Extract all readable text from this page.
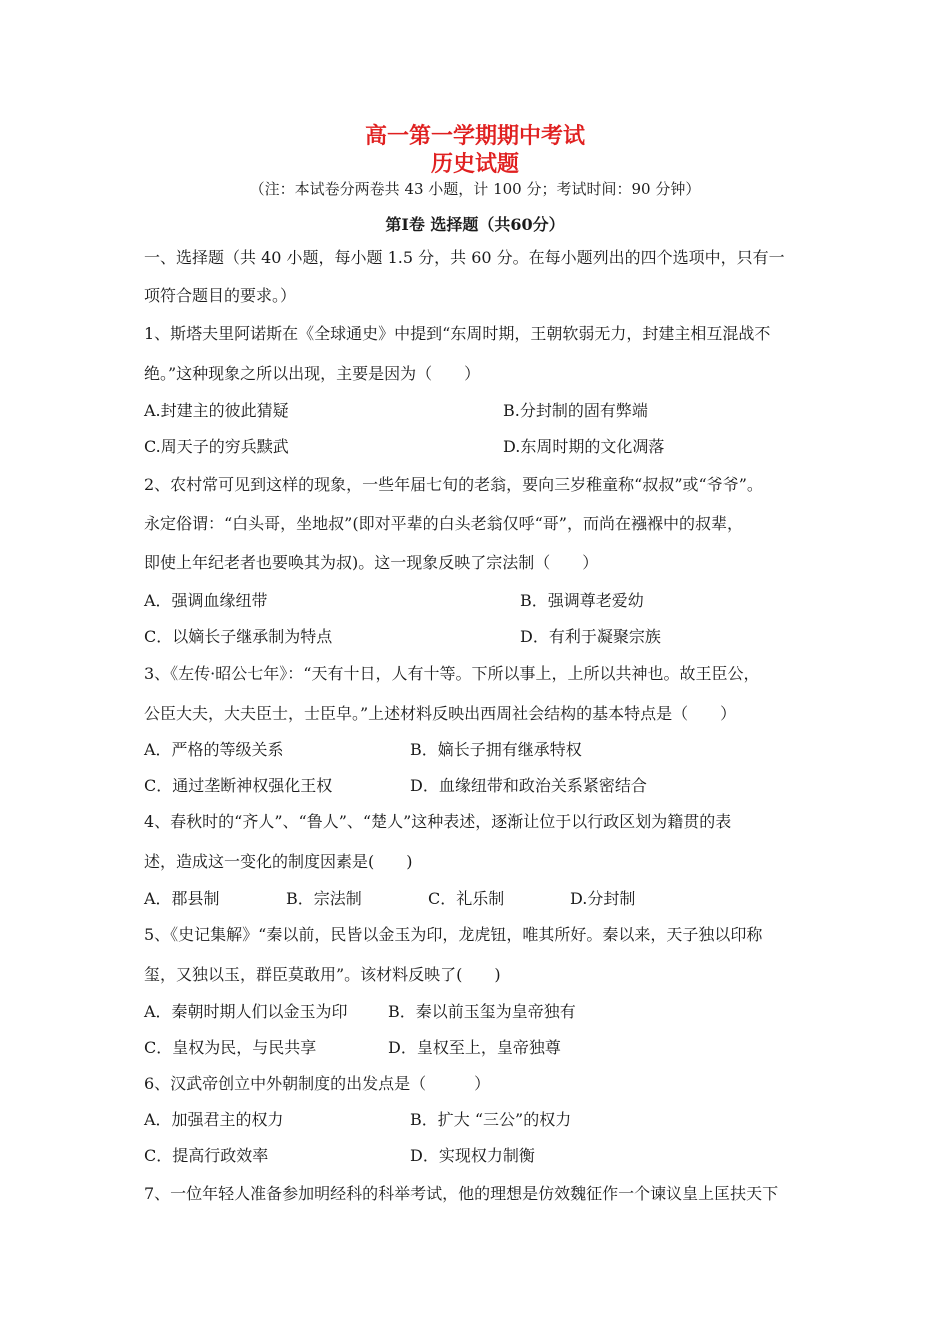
高一第一学期期中考试
历史试题
（注：本试卷分两卷共 43 小题，计 100 分；考试时间：90 分钟）
第Ⅰ卷 选择题（共60分）
一、选择题（共 40 小题，每小题 1.5 分，共 60 分。在每小题列出的四个选项中，只有一
项符合题目的要求。）
1、斯塔夫里阿诺斯在《全球通史》中提到“东周时期，王朝软弱无力，封建主相互混战不
绝。”这种现象之所以出现，主要是因为（　　）
A.封建主的彼此猜疑	B.分封制的固有弊端
C.周天子的穷兵黩武	D.东周时期的文化凋落
2、农村常可见到这样的现象，一些年届七旬的老翁，要向三岁稚童称“叔叔”或“爷爷”。
永定俗谓：“白头哥，坐地叔”(即对平辈的白头老翁仅呼“哥”，而尚在襁褓中的叔辈，
即使上年纪老者也要唤其为叔)。这一现象反映了宗法制（　　）
A．强调血缘纽带	B．强调尊老爱幼
C．以嫡长子继承制为特点	D．有利于凝聚宗族
3、《左传·昭公七年》：“天有十日，人有十等。下所以事上，上所以共神也。故王臣公，
公臣大夫，大夫臣士，士臣皁。”上述材料反映出西周社会结构的基本特点是（　　）
A．严格的等级关系	B．嫡长子拥有继承特权
C．通过垄断神权强化王权	D．血缘纽带和政治关系紧密结合
4、春秋时的“齐人”、“鲁人”、“楚人”这种表述，逐渐让位于以行政区划为籍贯的表
述，造成这一变化的制度因素是(　　)
A．郡县制	B．宗法制	C．礼乐制	D.分封制
5、《史记集解》“秦以前，民皆以金玉为印，龙虎钮，唯其所好。秦以来，天子独以印称
玺，又独以玉，群臣莫敢用”。该材料反映了(　　)
A．秦朝时期人们以金玉为印	B．秦以前玉玺为皇帝独有
C．皇权为民，与民共享	D．皇权至上，皇帝独尊
6、汉武帝创立中外朝制度的出发点是（　　　）
A．加强君主的权力	B．扩大 “三公”的权力
C．提高行政效率	D．实现权力制衡
7、一位年轻人准备参加明经科的科举考试，他的理想是仿效魏征作一个谏议皇上匡扶天下
